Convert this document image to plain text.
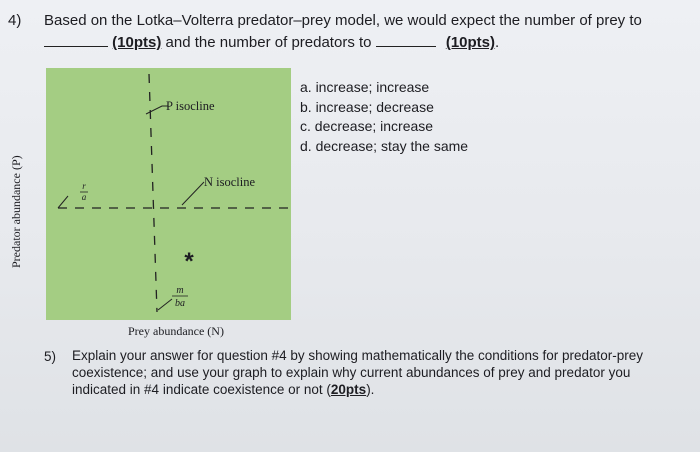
4) Based on the Lotka–Volterra predator–prey model, we would expect the number of prey to
(10pts) and the number of predators to	(10pts).
a. increase; increase
b. increase; decrease
c. decrease; increase
d. decrease; stay the same
Predator abundance (P)
P isocline
N isocline
r
a
m
ba
*
Prey abundance (N)
5) Explain your answer for question #4 by showing mathematically the conditions for predator-prey coexistence; and use your graph to explain why current abundances of prey and predator you indicated in #4 indicate coexistence or not (20pts).
